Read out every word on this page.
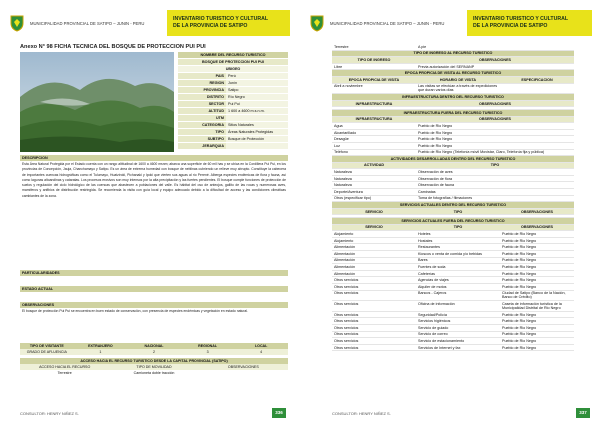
MUNICIPALIDAD PROVINCIAL DE SATIPO – JUNIN - PERU
INVENTARIO TURISTICO Y CULTURAL
DE LA PROVINCIA DE SATIPO
Anexo N° 98 FICHA TECNICA DEL BOSQUE DE PROTECCION PUI PUI
NOMBRE DEL RECURSO TURISTICO
BOSQUE DE PROTECCION PUI PUI
UBIGEO
PAIS	Perú
REGION	Junín
PROVINCIA	Satipo
DISTRITO	Río Negro
SECTOR	Pui Pui
ALTITUD	1 600 a 4600 m.s.n.m.
UTM
CATEGORIA	Sitios Naturales
TIPO	Áreas Naturales Protegidas
SUBTIPO	Bosque de Protección
JERARQUIA
DESCRIPCION
Esta Área Natural Protegida por el Estado cuenta con un rango altitudinal de 1600 a 4600 msnm; abarca una superficie de 60 mil has y se ubica en la Cordillera Pui Pui, en los provincias de Concepción, Jauja, Chanchamayo y Satipo. Es un área de extrema humedad con bosque de neblinas cubriendo un relieve muy abrupto. Constituye la cabecera de importantes cuencas hidrográficas como el Tulumayo, Huatziroki, Pichanaki y Ipoki que vierten sus aguas al río Perené. Alberga especies endémicas de flora y fauna, así como lagunas altoandinas y cataratas. Los procesos erosivos son muy intensos por la alta precipitación y las fuertes pendientes. El bosque cumple funciones de protección de suelos y regulación del ciclo hidrológico de las cuencas que abastecen a poblaciones del valle. Es hábitat del oso de anteojos, gallito de las rocas y numerosas aves, mamíferos y anfibios de distribución restringida. Se recomienda la visita con guía local y equipo adecuado debido a la dificultad de acceso y las condiciones climáticas cambiantes de la zona.
PARTICULARIDADES
ESTADO ACTUAL
OBSERVACIONES
El bosque de protección Pui Pui se encuentra en buen estado de conservación, con presencia de especies endémicas y vegetación en estado natural.
TIPO DE VISITANTE	EXTRANJERO	NACIONAL	REGIONAL	LOCAL
GRADO DE AFLUENCIA	1	2	3	4
ACCESO HACIA EL RECURSO TURISTICO DESDE LA CAPITAL PROVINCIAL (SATIPO)
ACCESO HACIA EL RECURSO	TIPO DE MOVILIDAD	OBSERVACIONES
Terrestre	Camioneta doble tracción
CONSULTOR: HENRY NIÑEZ S.	336
MUNICIPALIDAD PROVINCIAL DE SATIPO – JUNIN - PERU
INVENTARIO TURISTICO Y CULTURAL
DE LA PROVINCIA DE SATIPO
CONSULTOR: HENRY NIÑEZ S.	337
Terrestre	A pie
TIPO DE INGRESO AL RECURSO TURISTICO
TIPO DE INGRESO	OBSERVACIONES
Libre	Previa autorización del SERNANP
EPOCA PROPICIA DE VISITA AL RECURSO TURISTICO
EPOCA PROPICIA DE VISITA	HORARIO DE VISITA	ESPECIFICACION
Abril a noviembre	Las visitas se efectúan a través de expediciones que duran varios días
INFRAESTRUCTURA DENTRO DEL RECURSO TURISTICO
INFRAESTRUCTURA	OBSERVACIONES
INFRAESTRUCTURA FUERA DEL RECURSO TURISTICO
INFRAESTRUCTURA	OBSERVACIONES
Agua	Pueblo de Rio Negro
Alcantarillado	Pueblo de Rio Negro
Desagüe	Pueblo de Rio Negro
Luz	Pueblo de Rio Negro
Teléfono	Pueblo de Rio Negro (Telefonía móvil Movistar, Claro, Telefonía fija y pública)
ACTIVIDADES DESARROLLADAS DENTRO DEL RECURSO TURISTICO
ACTIVIDAD	TIPO
Naturaleza	Observación de aves
Naturaleza	Observación de flora
Naturaleza	Observación de fauna
Deporte/Aventura	Caminatas
Otros (especificar tipo)	Toma de fotografías / filmaciones
SERVICIOS ACTUALES DENTRO DEL RECURSO TURISTICO
SERVICIO	TIPO	OBSERVACIONES
SERVICIOS ACTUALES FUERA DEL RECURSO TURISTICO
SERVICIO	TIPO	OBSERVACIONES
Alojamiento	Hoteles	Pueblo de Rio Negro
Alojamiento	Hostales	Pueblo de Rio Negro
Alimentación	Restaurantes	Pueblo de Rio Negro
Alimentación	Kioscos o venta de comida y/o bebidas	Pueblo de Rio Negro
Alimentación	Bares	Pueblo de Rio Negro
Alimentación	Fuentes de soda	Pueblo de Rio Negro
Alimentación	Cafeterías	Pueblo de Rio Negro
Otros servicios	Agencias de viajes	Pueblo de Rio Negro
Otros servicios	Alquiler de motos	Pueblo de Rio Negro
Otros servicios	Bancos - Cajeros	Ciudad de Satipo (Banco de la Nación, Banco de Crédito)
Otros servicios	Oficina de información	Caseta de información turística de la Municipalidad Distrital de Rio Negro
Otros servicios	Seguridad/Policía	Pueblo de Rio Negro
Otros servicios	Servicios higiénicos	Pueblo de Rio Negro
Otros servicios	Servicio de guiado	Pueblo de Rio Negro
Otros servicios	Servicio de correo	Pueblo de Rio Negro
Otros servicios	Servicio de estacionamiento	Pueblo de Rio Negro
Otros servicios	Servicios de Internet y fax	Pueblo de Rio Negro
